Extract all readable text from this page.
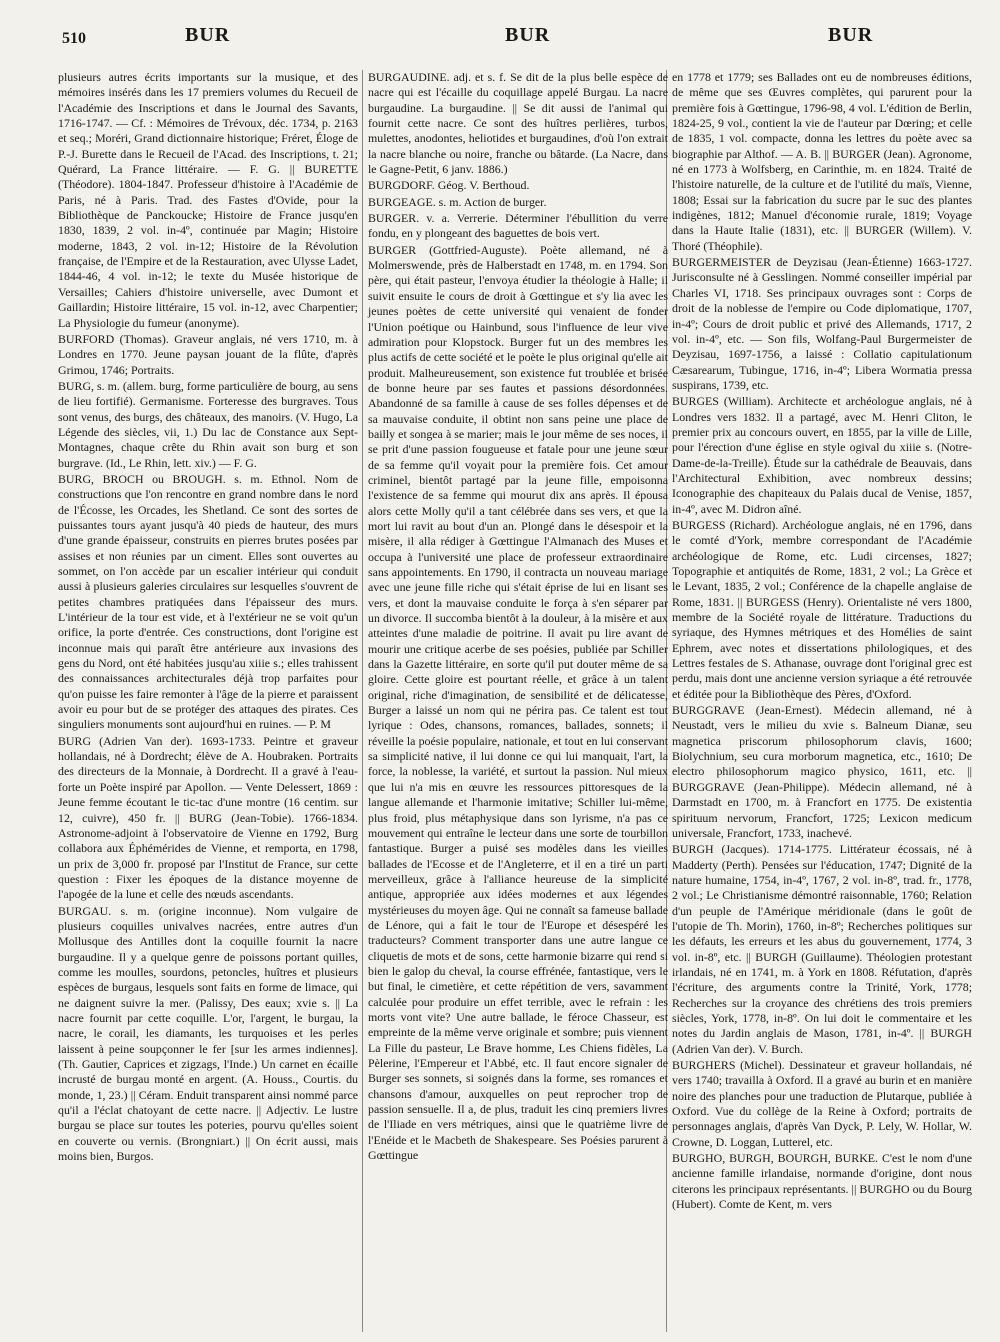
510	BUR	BUR	BUR

plusieurs autres écrits importants sur la musique, et des mémoires insérés dans les 17 premiers volumes du Recueil de l'Académie des Inscriptions et dans le Journal des Savants, 1716-1747. — Cf. : Mémoires de Trévoux, déc. 1734, p. 2163 et seq.; Moréri, Grand dictionnaire historique; Fréret, Éloge de P.-J. Burette dans le Recueil de l'Acad. des Inscriptions, t. 21; Quérard, La France littéraire. — F. G. || BURETTE (Théodore). 1804-1847. Professeur d'histoire à l'Académie de Paris, né à Paris. Trad. des Fastes d'Ovide, pour la Bibliothèque de Panckoucke; Histoire de France jusqu'en 1830, 1839, 2 vol. in-4º, continuée par Magin; Histoire moderne, 1843, 2 vol. in-12; Histoire de la Révolution française, de l'Empire et de la Restauration, avec Ulysse Ladet, 1844-46, 4 vol. in-12; le texte du Musée historique de Versailles; Cahiers d'histoire universelle, avec Dumont et Gaillardin; Histoire littéraire, 15 vol. in-12, avec Charpentier; La Physiologie du fumeur (anonyme).

BURFORD (Thomas). Graveur anglais, né vers 1710, m. à Londres en 1770. Jeune paysan jouant de la flûte, d'après Grimou, 1746; Portraits.

BURG, s. m. (allem. burg, forme particulière de bourg, au sens de lieu fortifié). Germanisme. Forteresse des burgraves. Tous sont venus, des burgs, des châteaux, des manoirs. (V. Hugo, La Légende des siècles, vii, 1.) Du lac de Constance aux Sept-Montagnes, chaque crête du Rhin avait son burg et son burgrave. (Id., Le Rhin, lett. xiv.) — F. G.

BURG, BROCH ou BROUGH. s. m. Ethnol. Nom de constructions que l'on rencontre en grand nombre dans le nord de l'Écosse, les Orcades, les Shetland. Ce sont des sortes de puissantes tours ayant jusqu'à 40 pieds de hauteur, des murs d'une grande épaisseur, construits en pierres brutes posées par assises et non réunies par un ciment. Elles sont ouvertes au sommet, on l'on accède par un escalier intérieur qui conduit aussi à plusieurs galeries circulaires sur lesquelles s'ouvrent de petites chambres pratiquées dans l'épaisseur des murs. L'intérieur de la tour est vide, et à l'extérieur ne se voit qu'un orifice, la porte d'entrée. Ces constructions, dont l'origine est inconnue mais qui paraît être antérieure aux invasions des gens du Nord, ont été habitées jusqu'au xiiie s.; elles trahissent des connaissances architecturales déjà trop parfaites pour qu'on puisse les faire remonter à l'âge de la pierre et paraissent avoir eu pour but de se protéger des attaques des pirates. Ces singuliers monuments sont aujourd'hui en ruines. — P. M

BURG (Adrien Van der). 1693-1733. Peintre et graveur hollandais, né à Dordrecht; élève de A. Houbraken. Portraits des directeurs de la Monnaie, à Dordrecht. Il a gravé à l'eau-forte un Poète inspiré par Apollon. — Vente Delessert, 1869 : Jeune femme écoutant le tic-tac d'une montre (16 centim. sur 12, cuivre), 450 fr. || BURG (Jean-Tobie). 1766-1834. Astronome-adjoint à l'observatoire de Vienne en 1792, Burg collabora aux Éphémérides de Vienne, et remporta, en 1798, un prix de 3,000 fr. proposé par l'Institut de France, sur cette question : Fixer les époques de la distance moyenne de l'apogée de la lune et celle des nœuds ascendants.

BURGAU. s. m. (origine inconnue). Nom vulgaire de plusieurs coquilles univalves nacrées, entre autres d'un Mollusque des Antilles dont la coquille fournit la nacre burgaudine. Il y a quelque genre de poissons portant quilles, comme les moulles, sourdons, petoncles, huîtres et plusieurs espèces de burgaus, lesquels sont faits en forme de limace, qui ne daignent suivre la mer. (Palissy, Des eaux; xvie s. || La nacre fournit par cette coquille. L'or, l'argent, le burgau, la nacre, le corail, les diamants, les turquoises et les perles laissent à peine soupçonner le fer [sur les armes indiennes]. (Th. Gautier, Caprices et zigzags, l'Inde.) Un carnet en écaille incrusté de burgau monté en argent. (A. Houss., Courtis. du monde, 1, 23.) || Céram. Enduit transparent ainsi nommé parce qu'il a l'éclat chatoyant de cette nacre. || Adjectiv. Le lustre burgau se place sur toutes les poteries, pourvu qu'elles soient en couverte ou vernis. (Brongniart.) || On écrit aussi, mais moins bien, Burgos.

BURGAUDINE. adj. et s. f. Se dit de la plus belle espèce de nacre qui est l'écaille du coquillage appelé Burgau. La nacre burgaudine. La burgaudine. || Se dit aussi de l'animal qui fournit cette nacre. Ce sont des huîtres perlières, turbos, mulettes, anodontes, heliotides et burgaudines, d'où l'on extrait la nacre blanche ou noire, franche ou bâtarde. (La Nacre, dans le Gagne-Petit, 6 janv. 1886.)

BURGDORF. Géog. V. Berthoud.

BURGEAGE. s. m. Action de burger.

BURGER. v. a. Verrerie. Déterminer l'ébullition du verre fondu, en y plongeant des baguettes de bois vert.

BURGER (Gottfried-Auguste). Poète allemand, né à Molmerswende, près de Halberstadt en 1748, m. en 1794. Son père, qui était pasteur, l'envoya étudier la théologie à Halle; il suivit ensuite le cours de droit à Gœttingue et s'y lia avec les jeunes poètes de cette université qui venaient de fonder l'Union poétique ou Hainbund, sous l'influence de leur vive admiration pour Klopstock. Burger fut un des membres les plus actifs de cette société et le poète le plus original qu'elle ait produit. Malheureusement, son existence fut troublée et brisée de bonne heure par ses fautes et passions désordonnées. Abandonné de sa famille à cause de ses folles dépenses et de sa mauvaise conduite, il obtint non sans peine une place de bailly et songea à se marier; mais le jour même de ses noces, il se prit d'une passion fougueuse et fatale pour une jeune sœur de sa femme qu'il voyait pour la première fois. Cet amour criminel, bientôt partagé par la jeune fille, empoisonna l'existence de sa femme qui mourut dix ans après. Il épousa alors cette Molly qu'il a tant célébrée dans ses vers, et que la mort lui ravit au bout d'un an. Plongé dans le désespoir et la misère, il alla rédiger à Gœttingue l'Almanach des Muses et occupa à l'université une place de professeur extraordinaire sans appointements. En 1790, il contracta un nouveau mariage avec une jeune fille riche qui s'était éprise de lui en lisant ses vers, et dont la mauvaise conduite le força à s'en séparer par un divorce. Il succomba bientôt à la douleur, à la misère et aux atteintes d'une maladie de poitrine. Il avait pu lire avant de mourir une critique acerbe de ses poésies, publiée par Schiller dans la Gazette littéraire, en sorte qu'il put douter même de sa gloire. Cette gloire est pourtant réelle, et grâce à un talent original, riche d'imagination, de sensibilité et de délicatesse, Burger a laissé un nom qui ne périra pas. Ce talent est tout lyrique : Odes, chansons, romances, ballades, sonnets; il réveille la poésie populaire, nationale, et tout en lui conservant sa simplicité native, il lui donne ce qui lui manquait, l'art, la force, la noblesse, la variété, et surtout la passion. Nul mieux que lui n'a mis en œuvre les ressources pittoresques de la langue allemande et l'harmonie imitative; Schiller lui-même, plus froid, plus métaphysique dans son lyrisme, n'a pas ce mouvement qui entraîne le lecteur dans une sorte de tourbillon fantastique. Burger a puisé ses modèles dans les vieilles ballades de l'Ecosse et de l'Angleterre, et il en a tiré un parti merveilleux, grâce à l'alliance heureuse de la simplicité antique, appropriée aux idées modernes et aux légendes mystérieuses du moyen âge. Qui ne connaît sa fameuse ballade de Lénore, qui a fait le tour de l'Europe et désespéré les traducteurs? Comment transporter dans une autre langue ce cliquetis de mots et de sons, cette harmonie bizarre qui rend si bien le galop du cheval, la course effrénée, fantastique, vers le but final, le cimetière, et cette répétition de vers, savamment calculée pour produire un effet terrible, avec le refrain : les morts vont vite? Une autre ballade, le féroce Chasseur, est empreinte de la même verve originale et sombre; puis viennent La Fille du pasteur, Le Brave homme, Les Chiens fidèles, La Pèlerine, l'Empereur et l'Abbé, etc. Il faut encore signaler de Burger ses sonnets, si soignés dans la forme, ses romances et chansons d'amour, auxquelles on peut reprocher trop de passion sensuelle. Il a, de plus, traduit les cinq premiers livres de l'Iliade en vers métriques, ainsi que le quatrième livre de l'Enéide et le Macbeth de Shakespeare. Ses Poésies parurent à Gœttingue

en 1778 et 1779; ses Ballades ont eu de nombreuses éditions, de même que ses Œuvres complètes, qui parurent pour la première fois à Gœttingue, 1796-98, 4 vol. L'édition de Berlin, 1824-25, 9 vol., contient la vie de l'auteur par Dœring; et celle de 1835, 1 vol. compacte, donna les lettres du poète avec sa biographie par Althof. — A. B. || BURGER (Jean). Agronome, né en 1773 à Wolfsberg, en Carinthie, m. en 1824. Traité de l'histoire naturelle, de la culture et de l'utilité du maïs, Vienne, 1808; Essai sur la fabrication du sucre par le suc des plantes indigènes, 1812; Manuel d'économie rurale, 1819; Voyage dans la Haute Italie (1831), etc. || BURGER (Willem). V. Thoré (Théophile).

BURGERMEISTER de Deyzisau (Jean-Étienne) 1663-1727. Jurisconsulte né à Gesslingen. Nommé conseiller impérial par Charles VI, 1718. Ses principaux ouvrages sont : Corps de droit de la noblesse de l'empire ou Code diplomatique, 1707, in-4º; Cours de droit public et privé des Allemands, 1717, 2 vol. in-4º, etc. — Son fils, Wolfang-Paul Burgermeister de Deyzisau, 1697-1756, a laissé : Collatio capitulationum Cæsarearum, Tubingue, 1716, in-4º; Libera Wormatia pressa suspirans, 1739, etc.

BURGES (William). Architecte et archéologue anglais, né à Londres vers 1832. Il a partagé, avec M. Henri Cliton, le premier prix au concours ouvert, en 1855, par la ville de Lille, pour l'érection d'une église en style ogival du xiiie s. (Notre-Dame-de-la-Treille). Étude sur la cathédrale de Beauvais, dans l'Architectural Exhibition, avec nombreux dessins; Iconographie des chapiteaux du Palais ducal de Venise, 1857, in-4º, avec M. Didron aîné.

BURGESS (Richard). Archéologue anglais, né en 1796, dans le comté d'York, membre correspondant de l'Académie archéologique de Rome, etc. Ludi circenses, 1827; Topographie et antiquités de Rome, 1831, 2 vol.; La Grèce et le Levant, 1835, 2 vol.; Conférence de la chapelle anglaise de Rome, 1831. || BURGESS (Henry). Orientaliste né vers 1800, membre de la Société royale de littérature. Traductions du syriaque, des Hymnes métriques et des Homélies de saint Ephrem, avec notes et dissertations philologiques, et des Lettres festales de S. Athanase, ouvrage dont l'original grec est perdu, mais dont une ancienne version syriaque a été retrouvée et éditée pour la Bibliothèque des Pères, d'Oxford.

BURGGRAVE (Jean-Ernest). Médecin allemand, né à Neustadt, vers le milieu du xvie s. Balneum Dianæ, seu magnetica priscorum philosophorum clavis, 1600; Biolychnium, seu cura morborum magnetica, etc., 1610; De electro philosophorum magico physico, 1611, etc. || BURGGRAVE (Jean-Philippe). Médecin allemand, né à Darmstadt en 1700, m. à Francfort en 1775. De existentia spirituum nervorum, Francfort, 1725; Lexicon medicum universale, Francfort, 1733, inachevé.

BURGH (Jacques). 1714-1775. Littérateur écossais, né à Madderty (Perth). Pensées sur l'éducation, 1747; Dignité de la nature humaine, 1754, in-4º, 1767, 2 vol. in-8º, trad. fr., 1778, 2 vol.; Le Christianisme démontré raisonnable, 1760; Relation d'un peuple de l'Amérique méridionale (dans le goût de l'utopie de Th. Morin), 1760, in-8º; Recherches politiques sur les défauts, les erreurs et les abus du gouvernement, 1774, 3 vol. in-8º, etc. || BURGH (Guillaume). Théologien protestant irlandais, né en 1741, m. à York en 1808. Réfutation, d'après l'écriture, des arguments contre la Trinité, York, 1778; Recherches sur la croyance des chrétiens des trois premiers siècles, York, 1778, in-8º. On lui doit le commentaire et les notes du Jardin anglais de Mason, 1781, in-4º. || BURGH (Adrien Van der). V. Burch.

BURGHERS (Michel). Dessinateur et graveur hollandais, né vers 1740; travailla à Oxford. Il a gravé au burin et en manière noire des planches pour une traduction de Plutarque, publiée à Oxford. Vue du collège de la Reine à Oxford; portraits de personnages anglais, d'après Van Dyck, P. Lely, W. Hollar, W. Crowne, D. Loggan, Lutterel, etc.

BURGHO, BURGH, BOURGH, BURKE. C'est le nom d'une ancienne famille irlandaise, normande d'origine, dont nous citerons les principaux représentants. || BURGHO ou du Bourg (Hubert). Comte de Kent, m. vers
